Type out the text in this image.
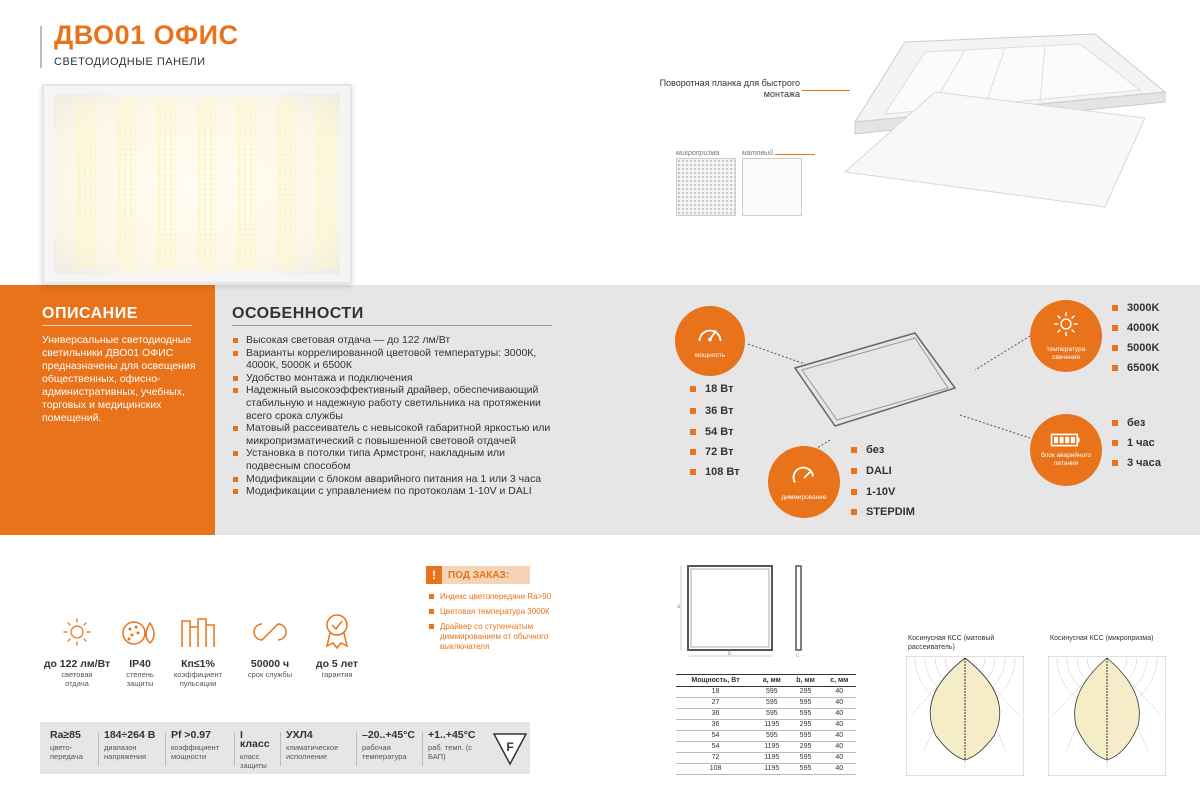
ДВО01 ОФИС
СВЕТОДИОДНЫЕ ПАНЕЛИ
Поворотная планка для быстрого монтажа
микропризма	матовый
ОПИСАНИЕ
Универсальные светодиодные светильники ДВО01 ОФИС предназначены для освещения общественных, офисно-административных, учебных, торговых и медицинских помещений.
ОСОБЕННОСТИ
Высокая световая отдача — до 122 лм/Вт
Варианты коррелированной цветовой температуры: 3000К, 4000К, 5000К и 6500К
Удобство монтажа и подключения
Надежный высокоэффективный драйвер, обеспечивающий стабильную и надежную работу светильника на протяжении всего срока службы
Матовый рассеиватель с невысокой габаритной яркостью или микропризматический с повышенной световой отдачей
Установка в потолки типа Армстронг, накладным или подвесным способом
Модификации с блоком аварийного питания на 1 или 3 часа
Модификации с управлением по протоколам 1-10V и DALI
мощность
18 Вт
36 Вт
54 Вт
72 Вт
108 Вт
диммирование
без
DALI
1-10V
STEPDIM
температура свечения
3000K
4000K
5000K
6500K
блок аварийного питания
без
1 час
3 часа
до 122 лм/Вт
световая отдача
IP40
степень защиты
Кп≤1%
коэффициент пульсации
50000 ч
срок службы
до 5 лет
гарантия
Ra≥85
цвето- передача
184÷264 В
диапазон напряжения
Pf >0.97
коэффициент мощности
I класс
класс защиты
УХЛ4
климатическое исполнение
–20..+45°C
рабочая температура
+1..+45°C
раб. темп. (с БАП)
F
!	ПОД ЗАКАЗ:
Индекс цветопередачи Ra>90
Цветовая температура 3000К
Драйвер со ступенчатым диммированием от обычного выключателя
a
b	c
Мощность, Вт	a, мм	b, мм	c, мм
18	595	295	40
27	595	595	40
36	595	595	40
36	1195	295	40
54	595	595	40
54	1195	295	40
72	1195	595	40
108	1195	595	40
Косинусная КСС (матовый рассеиватель)
Косинусная КСС (микропризма)
